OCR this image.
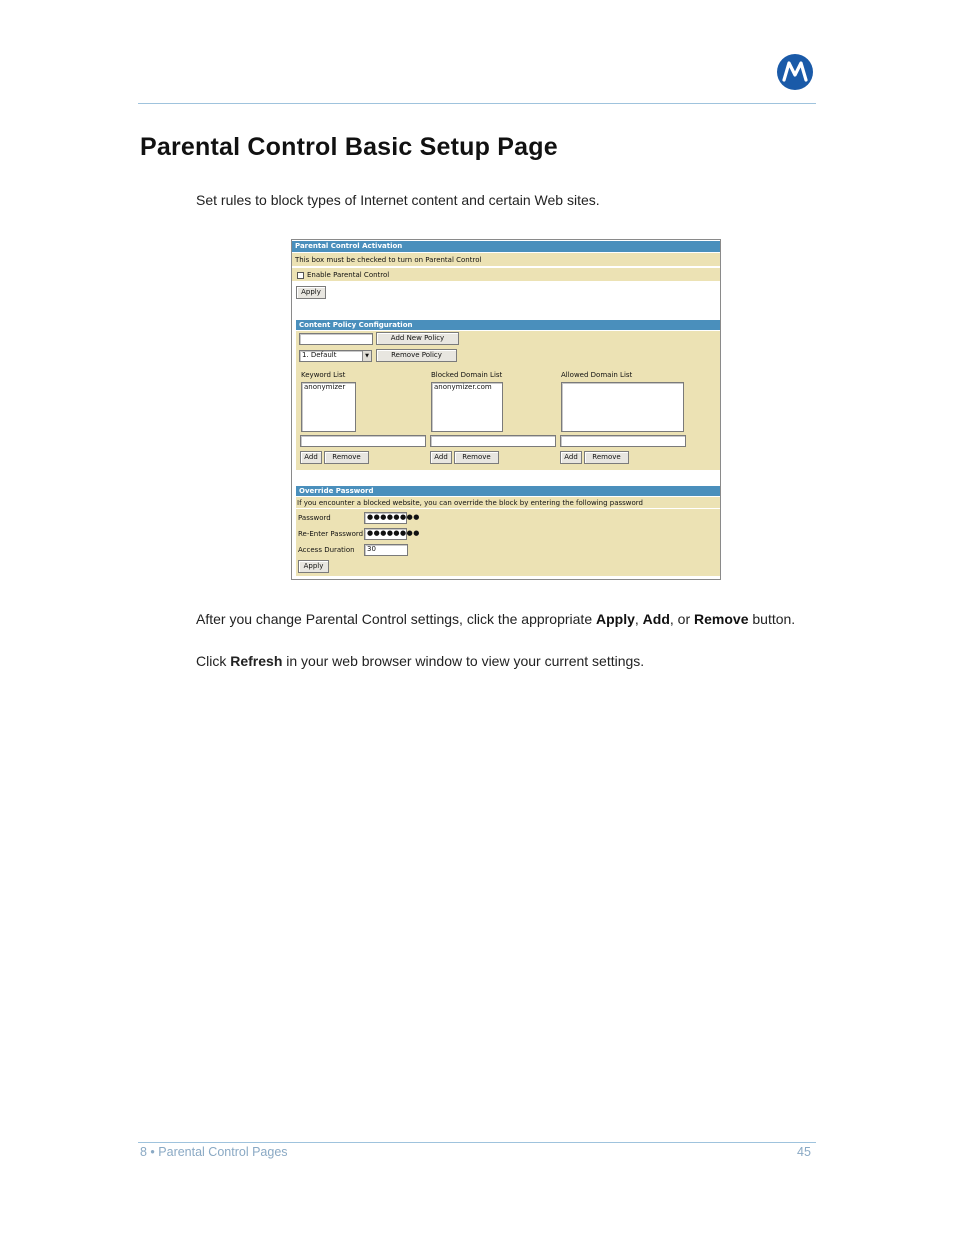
Parental Control Basic Setup Page
Set rules to block types of Internet content and certain Web sites.
Parental Control Activation
This box must be checked to turn on Parental Control
Enable Parental Control
Apply
Content Policy Configuration
Add New Policy
1. Default	▼	Remove Policy
Keyword List	Blocked Domain List	Allowed Domain List
anonymizer	anonymizer.com
Add	Remove	Add	Remove	Add	Remove
Override Password
If you encounter a blocked website, you can override the block by entering the following password
Password	●●●●●●●●
Re-Enter Password ●●●●●●●●
Access Duration	30
Apply
After you change Parental Control settings, click the appropriate Apply, Add, or Remove button.
Click Refresh in your web browser window to view your current settings.
8 • Parental Control Pages	45
